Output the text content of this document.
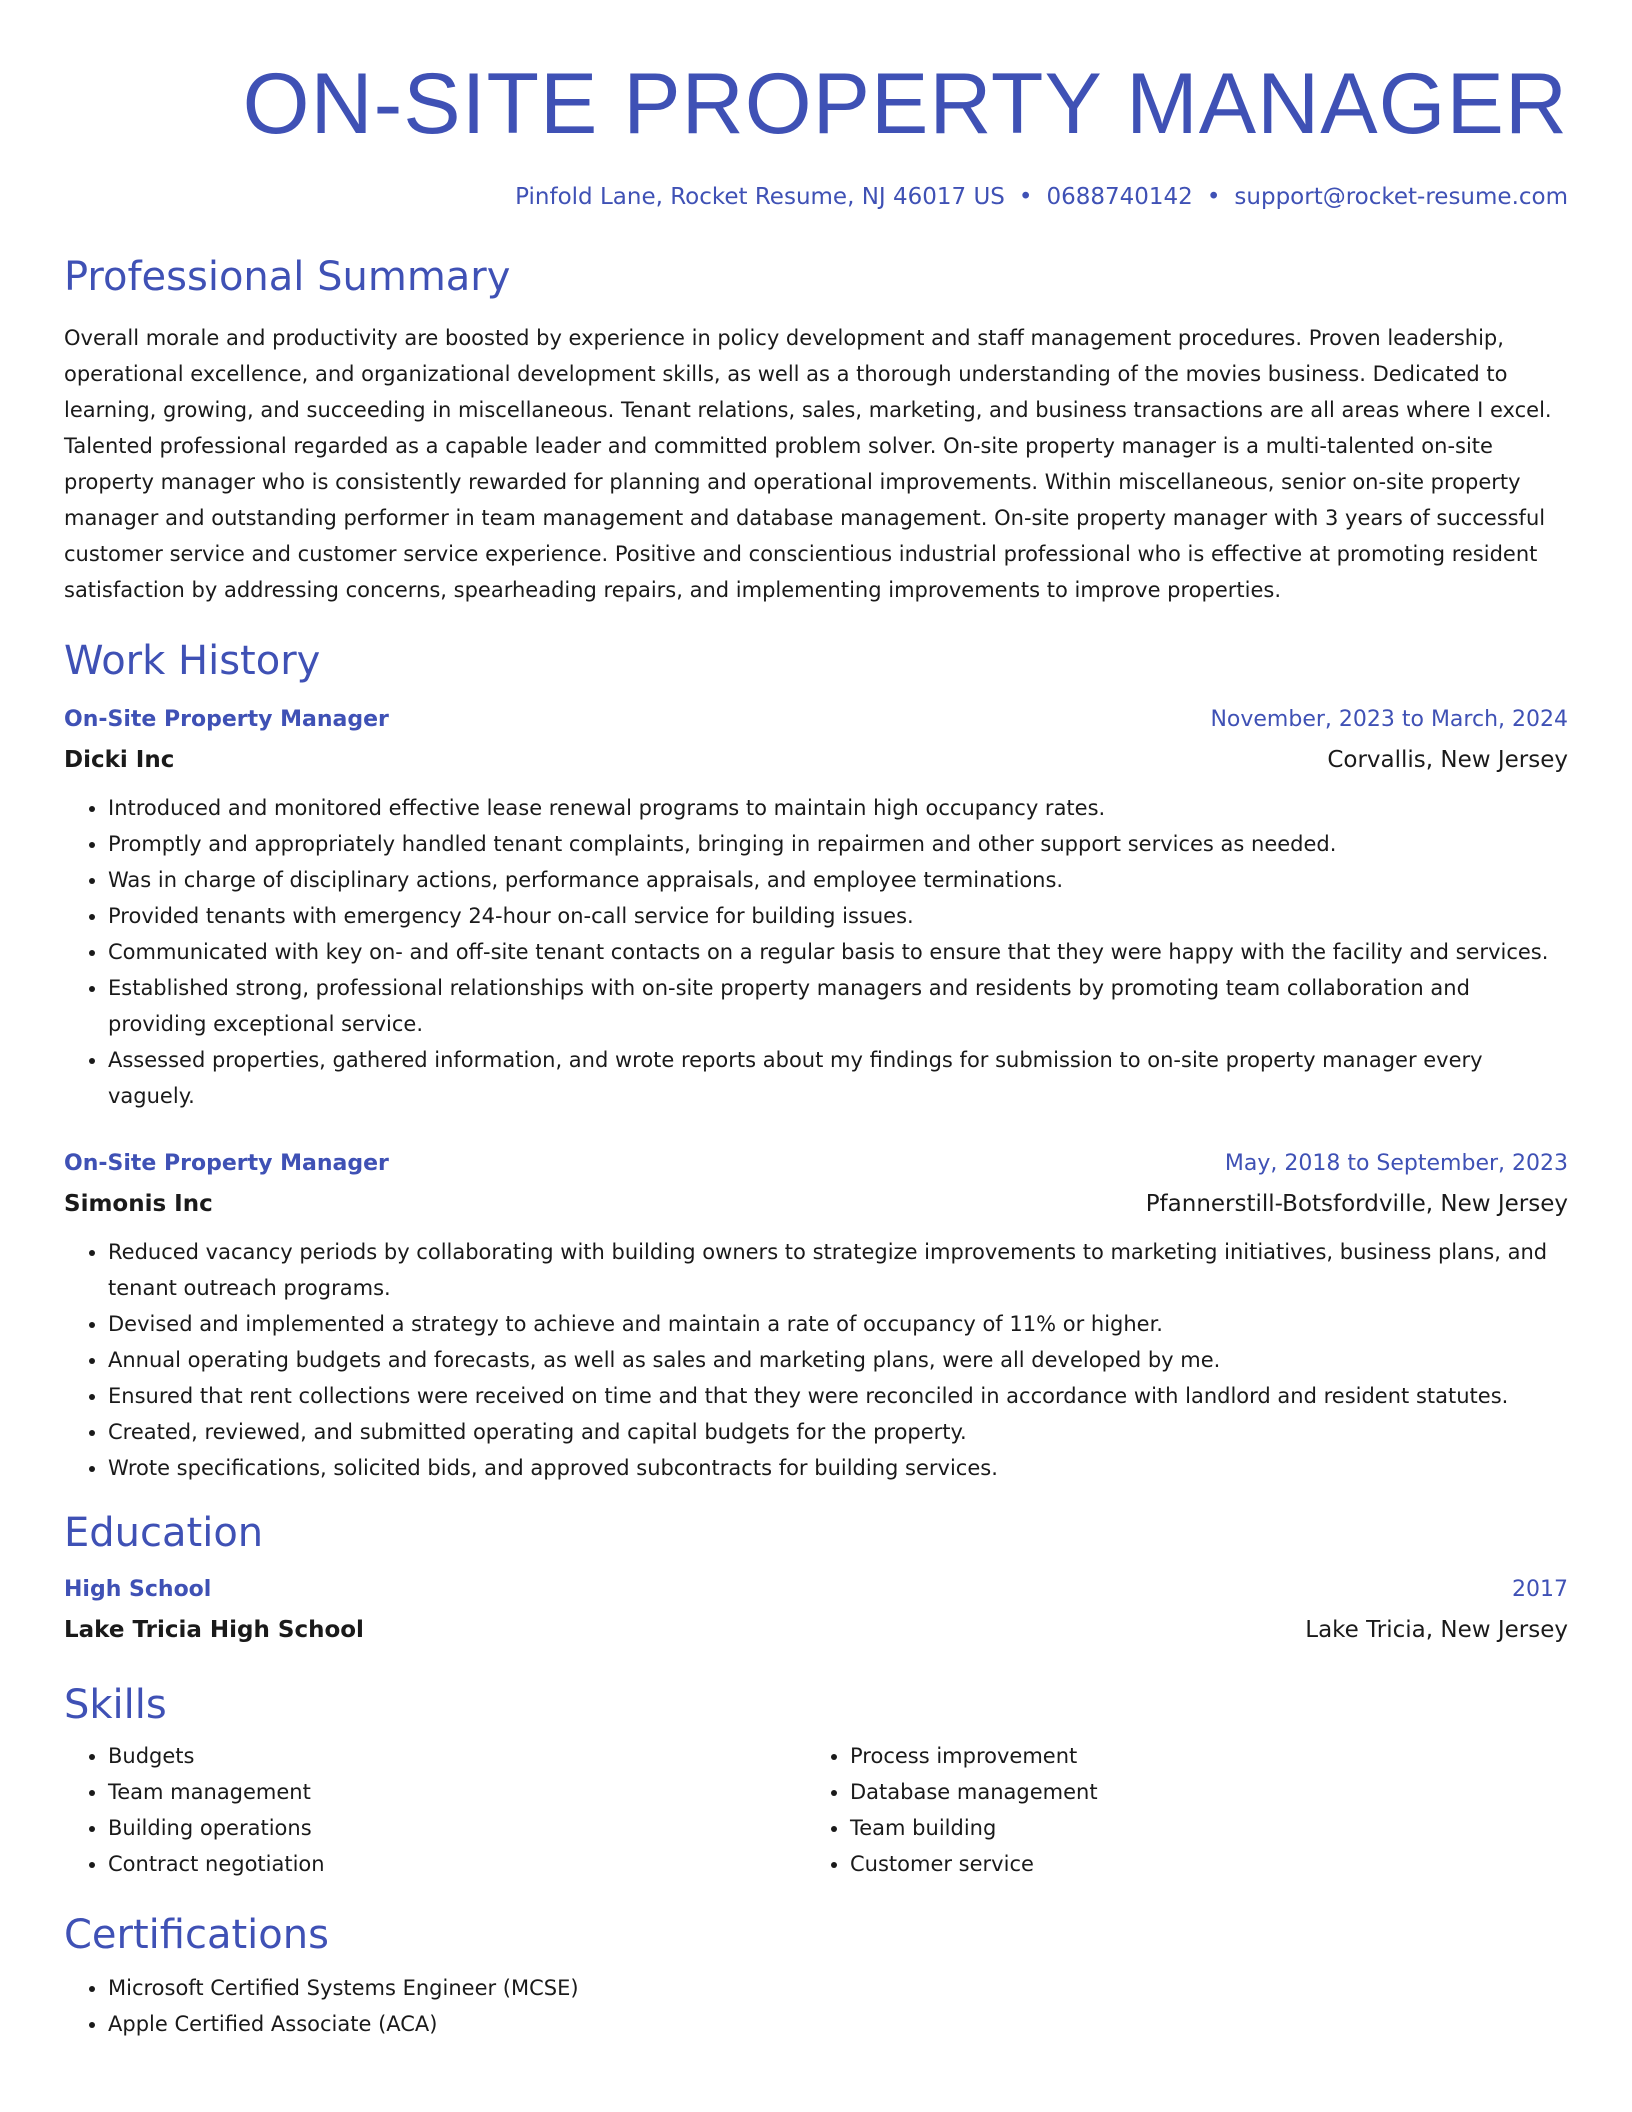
ON-SITE PROPERTY MANAGER
Pinfold Lane, Rocket Resume, NJ 46017 US • 0688740142 • support@rocket-resume.com
Professional Summary
Overall morale and productivity are boosted by experience in policy development and staff management procedures. Proven leadership, operational excellence, and organizational development skills, as well as a thorough understanding of the movies business. Dedicated to learning, growing, and succeeding in miscellaneous. Tenant relations, sales, marketing, and business transactions are all areas where I excel. Talented professional regarded as a capable leader and committed problem solver. On-site property manager is a multi-talented on-site property manager who is consistently rewarded for planning and operational improvements. Within miscellaneous, senior on-site property manager and outstanding performer in team management and database management. On-site property manager with 3 years of successful customer service and customer service experience. Positive and conscientious industrial professional who is effective at promoting resident satisfaction by addressing concerns, spearheading repairs, and implementing improvements to improve properties.
Work History
On-Site Property Manager	November, 2023 to March, 2024
Dicki Inc	Corvallis, New Jersey
• Introduced and monitored effective lease renewal programs to maintain high occupancy rates.
• Promptly and appropriately handled tenant complaints, bringing in repairmen and other support services as needed.
• Was in charge of disciplinary actions, performance appraisals, and employee terminations.
• Provided tenants with emergency 24-hour on-call service for building issues.
• Communicated with key on- and off-site tenant contacts on a regular basis to ensure that they were happy with the facility and services.
• Established strong, professional relationships with on-site property managers and residents by promoting team collaboration and providing exceptional service.
• Assessed properties, gathered information, and wrote reports about my findings for submission to on-site property manager every vaguely.
On-Site Property Manager	May, 2018 to September, 2023
Simonis Inc	Pfannerstill-Botsfordville, New Jersey
• Reduced vacancy periods by collaborating with building owners to strategize improvements to marketing initiatives, business plans, and tenant outreach programs.
• Devised and implemented a strategy to achieve and maintain a rate of occupancy of 11% or higher.
• Annual operating budgets and forecasts, as well as sales and marketing plans, were all developed by me.
• Ensured that rent collections were received on time and that they were reconciled in accordance with landlord and resident statutes.
• Created, reviewed, and submitted operating and capital budgets for the property.
• Wrote specifications, solicited bids, and approved subcontracts for building services.
Education
High School	2017
Lake Tricia High School	Lake Tricia, New Jersey
Skills
• Budgets
• Team management
• Building operations
• Contract negotiation
• Process improvement
• Database management
• Team building
• Customer service
Certifications
• Microsoft Certified Systems Engineer (MCSE)
• Apple Certified Associate (ACA)
